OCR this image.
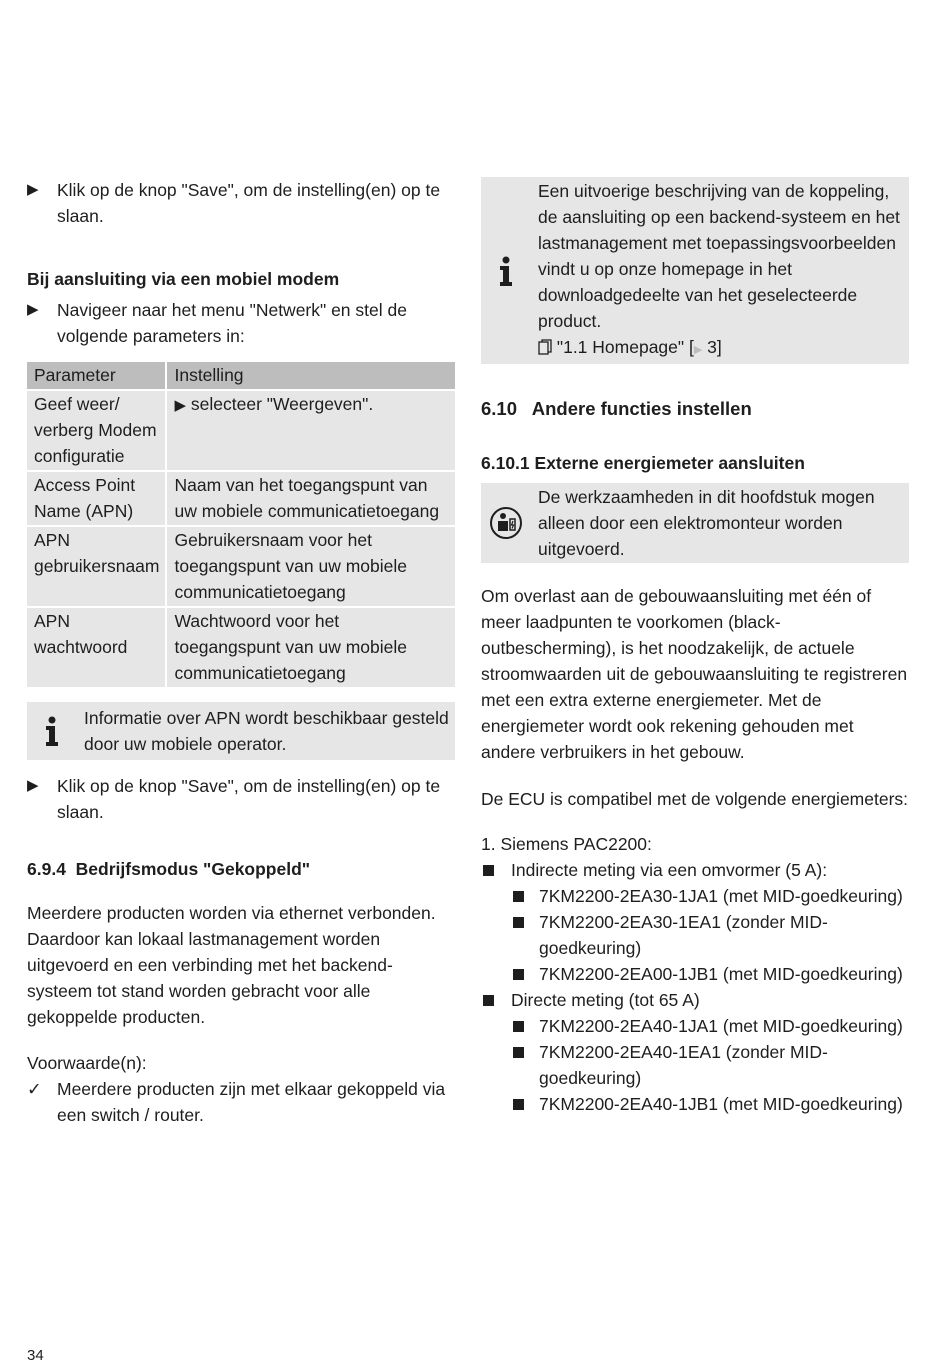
▶ Klik op de knop "Save", om de instelling(en) op te slaan.
Bij aansluiting via een mobiel modem
▶ Navigeer naar het menu "Netwerk" en stel de volgende parameters in:
Parameter	Instelling
Geef weer/ verberg Modem configuratie	▶ selecteer "Weergeven".
Access Point Name (APN)	Naam van het toegangspunt van uw mobiele communicatietoegang
APN gebruikersnaam	Gebruikersnaam voor het toegangspunt van uw mobiele communicatietoegang
APN wachtwoord	Wachtwoord voor het toegangspunt van uw mobiele communicatietoegang
Informatie over APN wordt beschikbaar gesteld door uw mobiele operator.
▶ Klik op de knop "Save", om de instelling(en) op te slaan.
6.9.4 Bedrijfsmodus "Gekoppeld"

Meerdere producten worden via ethernet verbonden. Daardoor kan lokaal lastmanagement worden uitgevoerd en een verbinding met het backend-systeem tot stand worden gebracht voor alle gekoppelde producten.

Voorwaarde(n):
✓ Meerdere producten zijn met elkaar gekoppeld via een switch / router.
Een uitvoerige beschrijving van de koppeling, de aansluiting op een backend-systeem en het lastmanagement met toepassingsvoorbeelden vindt u op onze homepage in het downloadgedeelte van het geselecteerde product.
"1.1 Homepage" [▶ 3]
6.10 Andere functies instellen
6.10.1 Externe energiemeter aansluiten
De werkzaamheden in dit hoofdstuk mogen alleen door een elektromonteur worden uitgevoerd.

Om overlast aan de gebouwaansluiting met één of meer laadpunten te voorkomen (black-outbescherming), is het noodzakelijk, de actuele stroomwaarden uit de gebouwaansluiting te registreren met een extra externe energiemeter. Met de energiemeter wordt ook rekening gehouden met andere verbruikers in het gebouw.

De ECU is compatibel met de volgende energiemeters:

1. Siemens PAC2200:
Indirecte meting via een omvormer (5 A):
7KM2200-2EA30-1JA1 (met MID-goedkeuring)
7KM2200-2EA30-1EA1 (zonder MID-goedkeuring)
7KM2200-2EA00-1JB1 (met MID-goedkeuring)
Directe meting (tot 65 A)
7KM2200-2EA40-1JA1 (met MID-goedkeuring)
7KM2200-2EA40-1EA1 (zonder MID-goedkeuring)
7KM2200-2EA40-1JB1 (met MID-goedkeuring)
34
